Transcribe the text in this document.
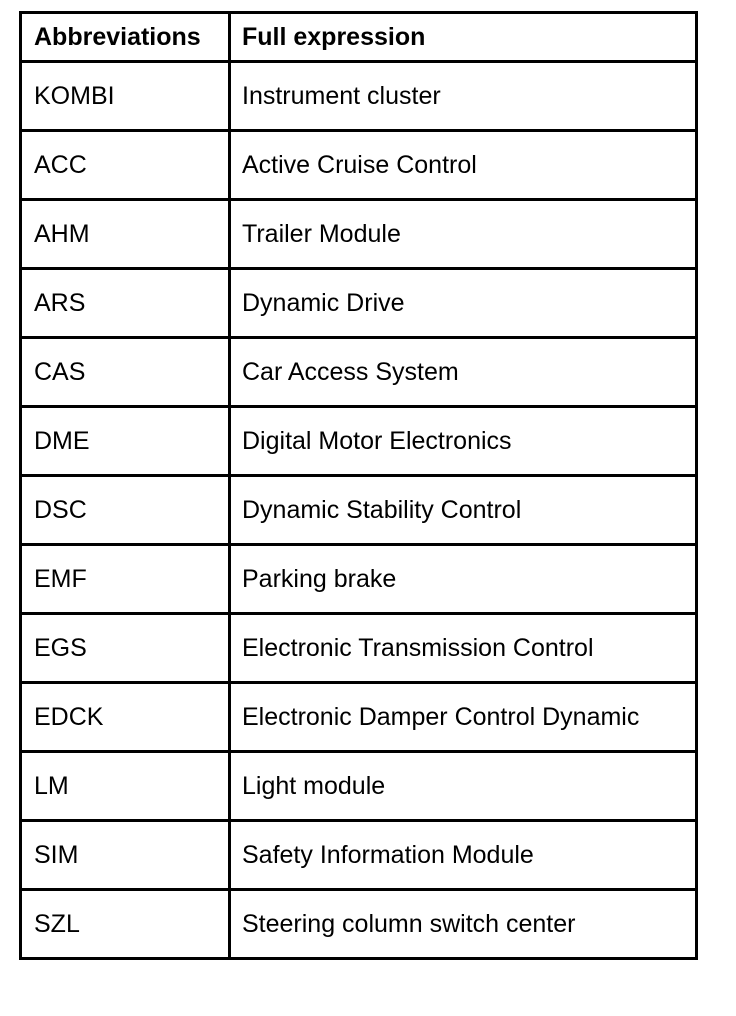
Abbreviations	Full expression
KOMBI	Instrument cluster
ACC	Active Cruise Control
AHM	Trailer Module
ARS	Dynamic Drive
CAS	Car Access System
DME	Digital Motor Electronics
DSC	Dynamic Stability Control
EMF	Parking brake
EGS	Electronic Transmission Control
EDCK	Electronic Damper Control Dynamic
LM	Light module
SIM	Safety Information Module
SZL	Steering column switch center
